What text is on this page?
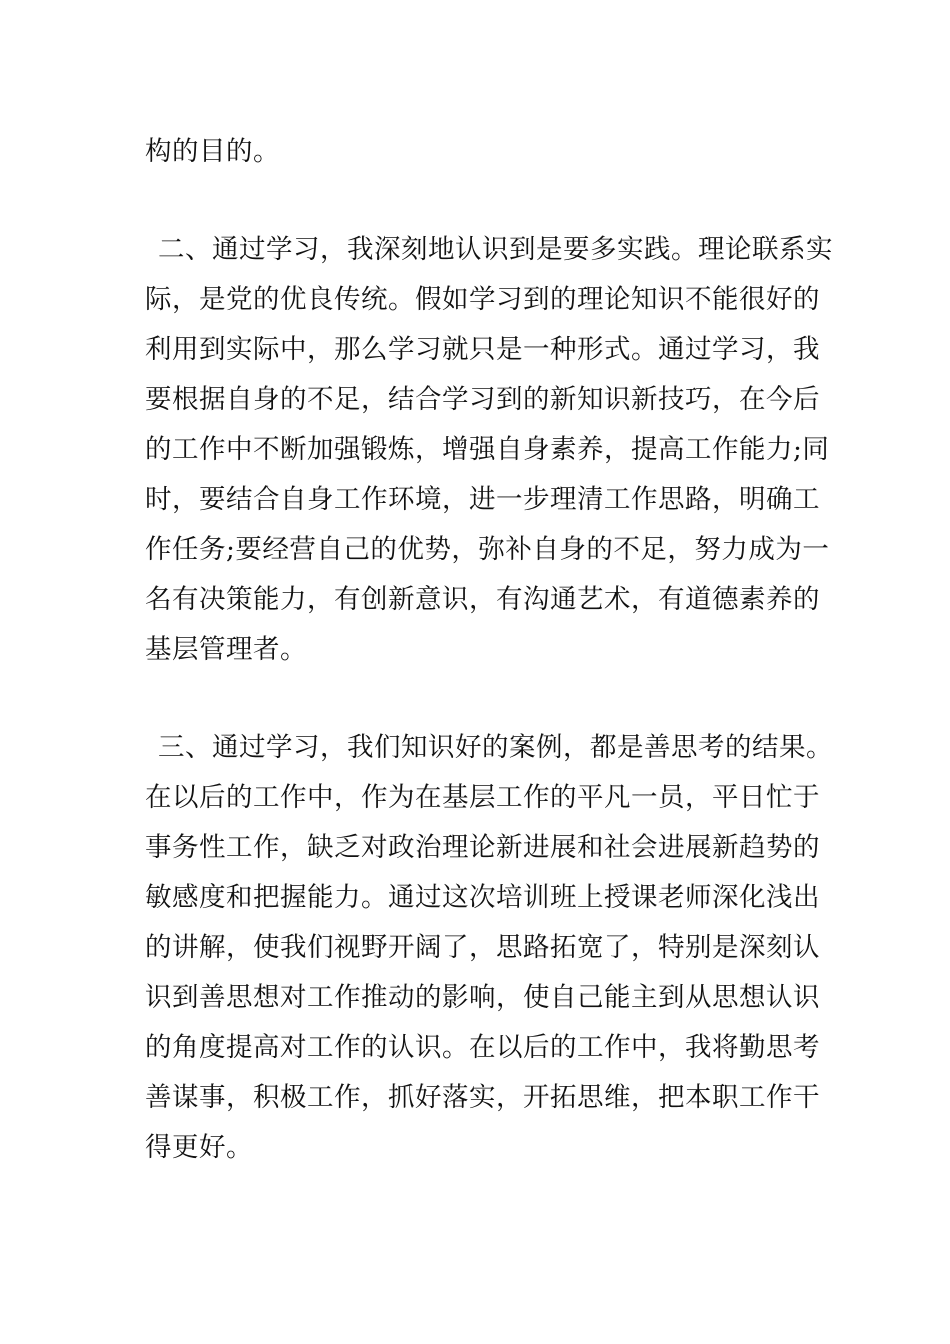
构的目的。
二、通过学习，我深刻地认识到是要多实践。理论联系实
际，是党的优良传统。假如学习到的理论知识不能很好的
利用到实际中，那么学习就只是一种形式。通过学习，我
要根据自身的不足，结合学习到的新知识新技巧，在今后
的工作中不断加强锻炼，增强自身素养，提高工作能力;同
时，要结合自身工作环境，进一步理清工作思路，明确工
作任务;要经营自己的优势，弥补自身的不足，努力成为一
名有决策能力，有创新意识，有沟通艺术，有道德素养的
基层管理者。
三、通过学习，我们知识好的案例，都是善思考的结果。
在以后的工作中，作为在基层工作的平凡一员，平日忙于
事务性工作，缺乏对政治理论新进展和社会进展新趋势的
敏感度和把握能力。通过这次培训班上授课老师深化浅出
的讲解，使我们视野开阔了，思路拓宽了，特别是深刻认
识到善思想对工作推动的影响，使自己能主到从思想认识
的角度提高对工作的认识。在以后的工作中，我将勤思考
善谋事，积极工作，抓好落实，开拓思维，把本职工作干
得更好。
